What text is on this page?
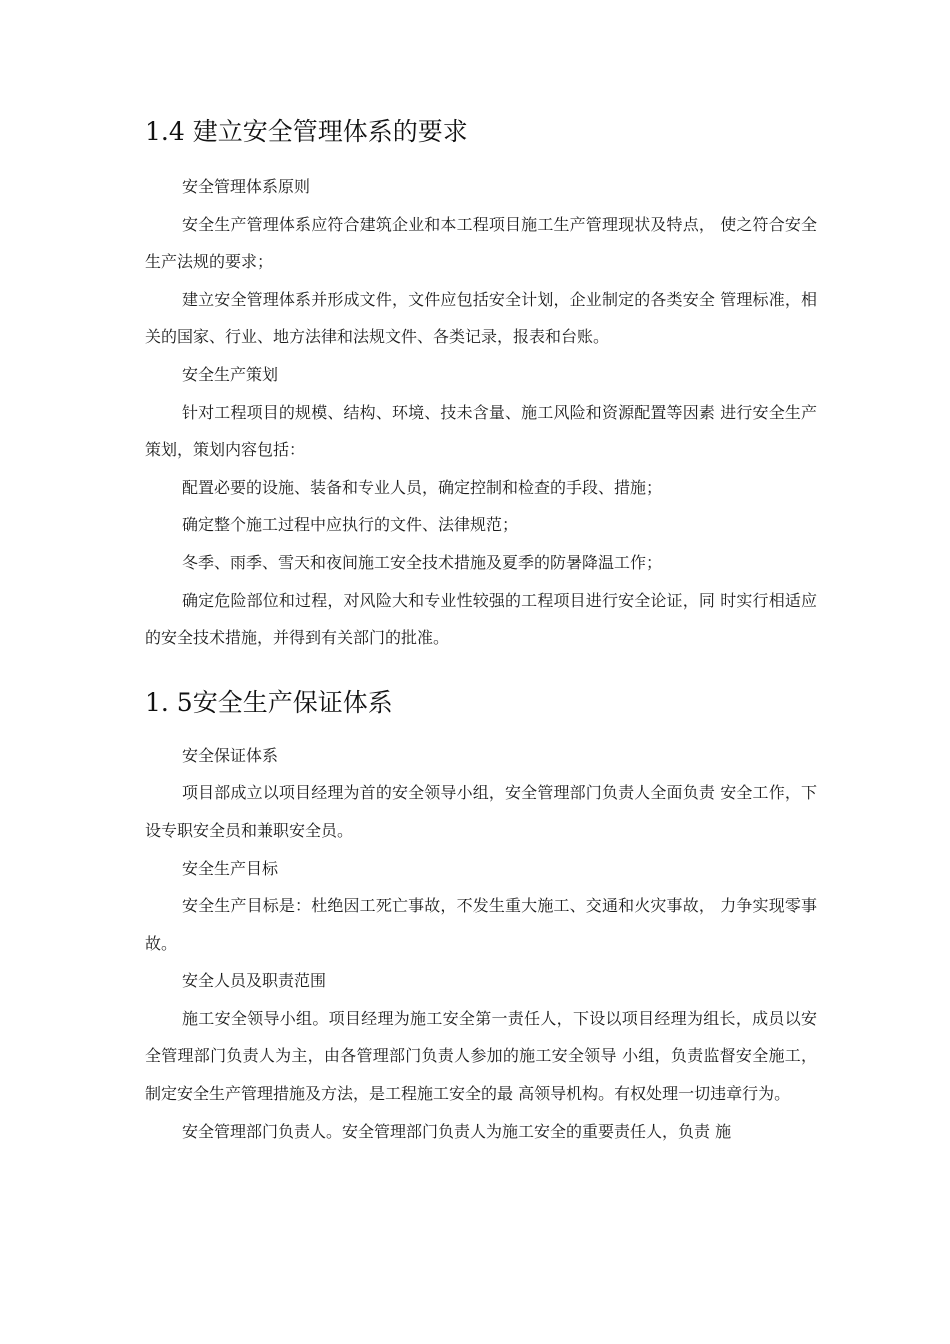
1.4 建立安全管理体系的要求

安全管理体系原则

安全生产管理体系应符合建筑企业和本工程项目施工生产管理现状及特点， 使之符合安全生产法规的要求；

建立安全管理体系并形成文件，文件应包括安全计划，企业制定的各类安全 管理标准，相关的国家、行业、地方法律和法规文件、各类记录，报表和台账。

安全生产策划

针对工程项目的规模、结构、环境、技未含量、施工风险和资源配置等因素 进行安全生产策划，策划内容包括：

配置必要的设施、装备和专业人员，确定控制和检查的手段、措施；

确定整个施工过程中应执行的文件、法律规范；

冬季、雨季、雪天和夜间施工安全技术措施及夏季的防暑降温工作；

确定危险部位和过程，对风险大和专业性较强的工程项目进行安全论证，同 时实行相适应的安全技术措施，并得到有关部门的批准。

1. 5安全生产保证体系

安全保证体系

项目部成立以项目经理为首的安全领导小组，安全管理部门负责人全面负责 安全工作，下设专职安全员和兼职安全员。

安全生产目标

安全生产目标是：杜绝因工死亡事故，不发生重大施工、交通和火灾事故， 力争实现零事故。

安全人员及职责范围

施工安全领导小组。项目经理为施工安全第一责任人，下设以项目经理为组长，成员以安全管理部门负责人为主，由各管理部门负责人参加的施工安全领导 小组，负责监督安全施工，制定安全生产管理措施及方法，是工程施工安全的最 高领导机构。有权处理一切违章行为。

安全管理部门负责人。安全管理部门负责人为施工安全的重要责任人，负责 施
